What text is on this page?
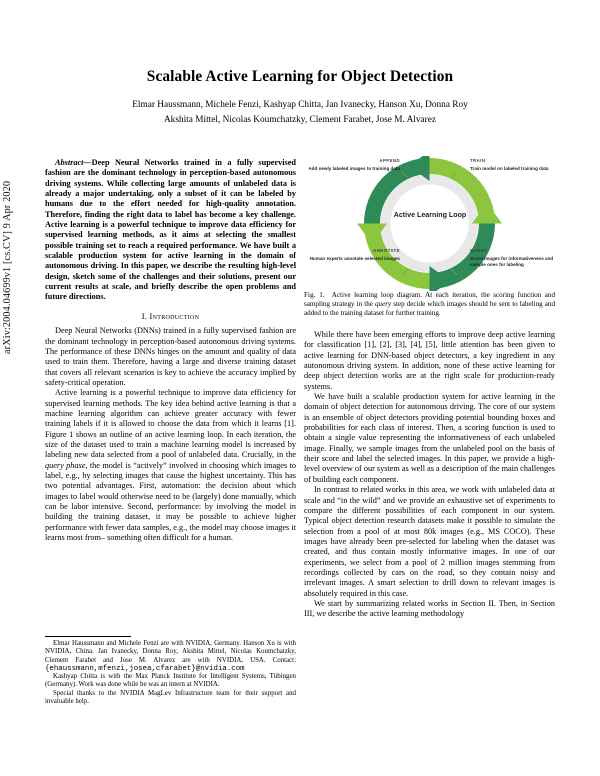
arXiv:2004.04699v1 [cs.CV] 9 Apr 2020
Scalable Active Learning for Object Detection
Elmar Haussmann, Michele Fenzi, Kashyap Chitta, Jan Ivanecky, Hanson Xu, Donna Roy
Akshita Mittel, Nicolas Koumchatzky, Clement Farabet, Jose M. Alvarez

Abstract—Deep Neural Networks trained in a fully supervised fashion are the dominant technology in perception-based autonomous driving systems. While collecting large amounts of unlabeled data is already a major undertaking, only a subset of it can be labeled by humans due to the effort needed for high-quality annotation. Therefore, finding the right data to label has become a key challenge. Active learning is a powerful technique to improve data efficiency for supervised learning methods, as it aims at selecting the smallest possible training set to reach a required performance. We have built a scalable production system for active learning in the domain of autonomous driving. In this paper, we describe the resulting high-level design, sketch some of the challenges and their solutions, present our current results at scale, and briefly describe the open problems and future directions.

I. Introduction

Deep Neural Networks (DNNs) trained in a fully supervised fashion are the dominant technology in perception-based autonomous driving systems. The performance of these DNNs hinges on the amount and quality of data used to train them. Therefore, having a large and diverse training dataset that covers all relevant scenarios is key to achieve the accuracy implied by safety-critical operation.

Active learning is a powerful technique to improve data efficiency for supervised learning methods. The key idea behind active learning is that a machine learning algorithm can achieve greater accuracy with fewer training labels if it is allowed to choose the data from which it learns [1]. Figure 1 shows an outline of an active learning loop. In each iteration, the size of the dataset used to train a machine learning model is increased by labeling new data selected from a pool of unlabeled data. Crucially, in the query phase, the model is “actively” involved in choosing which images to label, e.g., by selecting images that cause the highest uncertainty. This has two potential advantages. First, automation: the decision about which images to label would otherwise need to be (largely) done manually, which can be labor intensive. Second, performance: by involving the model in building the training dataset, it may be possible to achieve higher performance with fewer data samples, e.g., the model may choose images it learns most from– something often difficult for a human.

Elmar Haussmann and Michele Fenzi are with NVIDIA, Germany. Hanson Xu is with NVIDIA, China. Jan Ivanecky, Donna Roy, Akshita Mittel, Nicolas Koumchatzky, Clement Farabet and Jose M. Alvarez are with NVIDIA, USA. Contact: {ehaussmann,mfenzi,josea,cfarabet}@nvidia.com

Kashyap Chitta is with the Max Planck Institute for Intelligent Systems, Tübingen (Germany). Work was done while he was an intern at NVIDIA.

Special thanks to the NVIDIA MagLev Infrastructure team for their support and invaluable help.

Active Learning Loop
APPEND
Add newly labeled images to training data
TRAIN
Train model on labeled training data
QUERY
Score images for informativeness and sample ones for labeling
ANNOTATE
Human experts annotate selected images
Fig. 1. Active learning loop diagram. At each iteration, the scoring function and sampling strategy in the query step decide which images should be sent to labeling and added to the training dataset for further training.

While there have been emerging efforts to improve deep active learning for classification [1], [2], [3], [4], [5], little attention has been given to active learning for DNN-based object detectors, a key ingredient in any autonomous driving system. In addition, none of these active learning for deep object detection works are at the right scale for production-ready systems.

We have built a scalable production system for active learning in the domain of object detection for autonomous driving. The core of our system is an ensemble of object detectors providing potential bounding boxes and probabilities for each class of interest. Then, a scoring function is used to obtain a single value representing the informativeness of each unlabeled image. Finally, we sample images from the unlabeled pool on the basis of their score and label the selected images. In this paper, we provide a high-level overview of our system as well as a description of the main challenges of building each component.

In contrast to related works in this area, we work with unlabeled data at scale and “in the wild” and we provide an exhaustive set of experiments to compare the different possibilities of each component in our system. Typical object detection research datasets make it possible to simulate the selection from a pool of at most 80k images (e.g., MS COCO). These images have already been pre-selected for labeling when the dataset was created, and thus contain mostly informative images. In one of our experiments, we select from a pool of 2 million images stemming from recordings collected by cars on the road, so they contain noisy and irrelevant images. A smart selection to drill down to relevant images is absolutely required in this case.

We start by summarizing related works in Section II. Then, in Section III, we describe the active learning methodology
